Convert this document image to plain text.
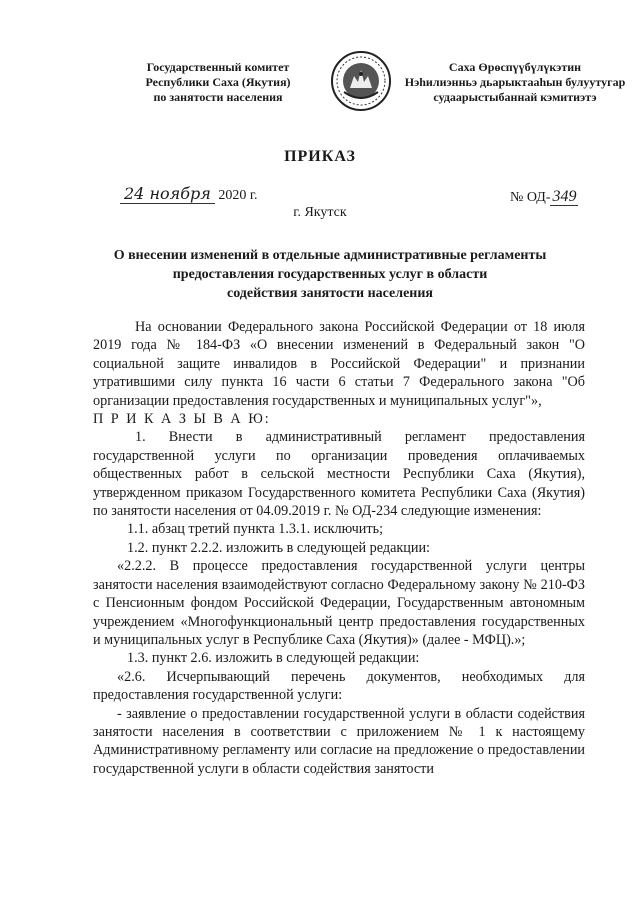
Государственный комитет
Республики Саха (Якутия)
по занятости населения
Саха Өрөспүүбүлүкэтин
Нэһилиэнньэ дьарыктааһын булуутугар
судаарыстыбаннай кэмитиэтэ
ПРИКАЗ
24 ноября 2020 г.	№ ОД- 349
г. Якутск
О внесении изменений в отдельные административные регламенты
предоставления государственных услуг в области
содействия занятости населения

На основании Федерального закона Российской Федерации от 18 июля 2019 года № 184-ФЗ «О внесении изменений в Федеральный закон "О социальной защите инвалидов в Российской Федерации" и признании утратившими силу пункта 16 части 6 статьи 7 Федерального закона "Об организации предоставления государственных и муниципальных услуг"»,

П Р И К А З Ы В А Ю:

1. Внести в административный регламент предоставления государственной услуги по организации проведения оплачиваемых общественных работ в сельской местности Республики Саха (Якутия), утвержденном приказом Государственного комитета Республики Саха (Якутия) по занятости населения от 04.09.2019 г. № ОД-234 следующие изменения:

1.1. абзац третий пункта 1.3.1. исключить;

1.2. пункт 2.2.2. изложить в следующей редакции:

«2.2.2. В процессе предоставления государственной услуги центры занятости населения взаимодействуют согласно Федеральному закону № 210-ФЗ с Пенсионным фондом Российской Федерации, Государственным автономным учреждением «Многофункциональный центр предоставления государственных и муниципальных услуг в Республике Саха (Якутия)» (далее - МФЦ).»;

1.3. пункт 2.6. изложить в следующей редакции:

«2.6. Исчерпывающий перечень документов, необходимых для предоставления государственной услуги:

- заявление о предоставлении государственной услуги в области содействия занятости населения в соответствии с приложением № 1 к настоящему Административному регламенту или согласие на предложение о предоставлении государственной услуги в области содействия занятости
